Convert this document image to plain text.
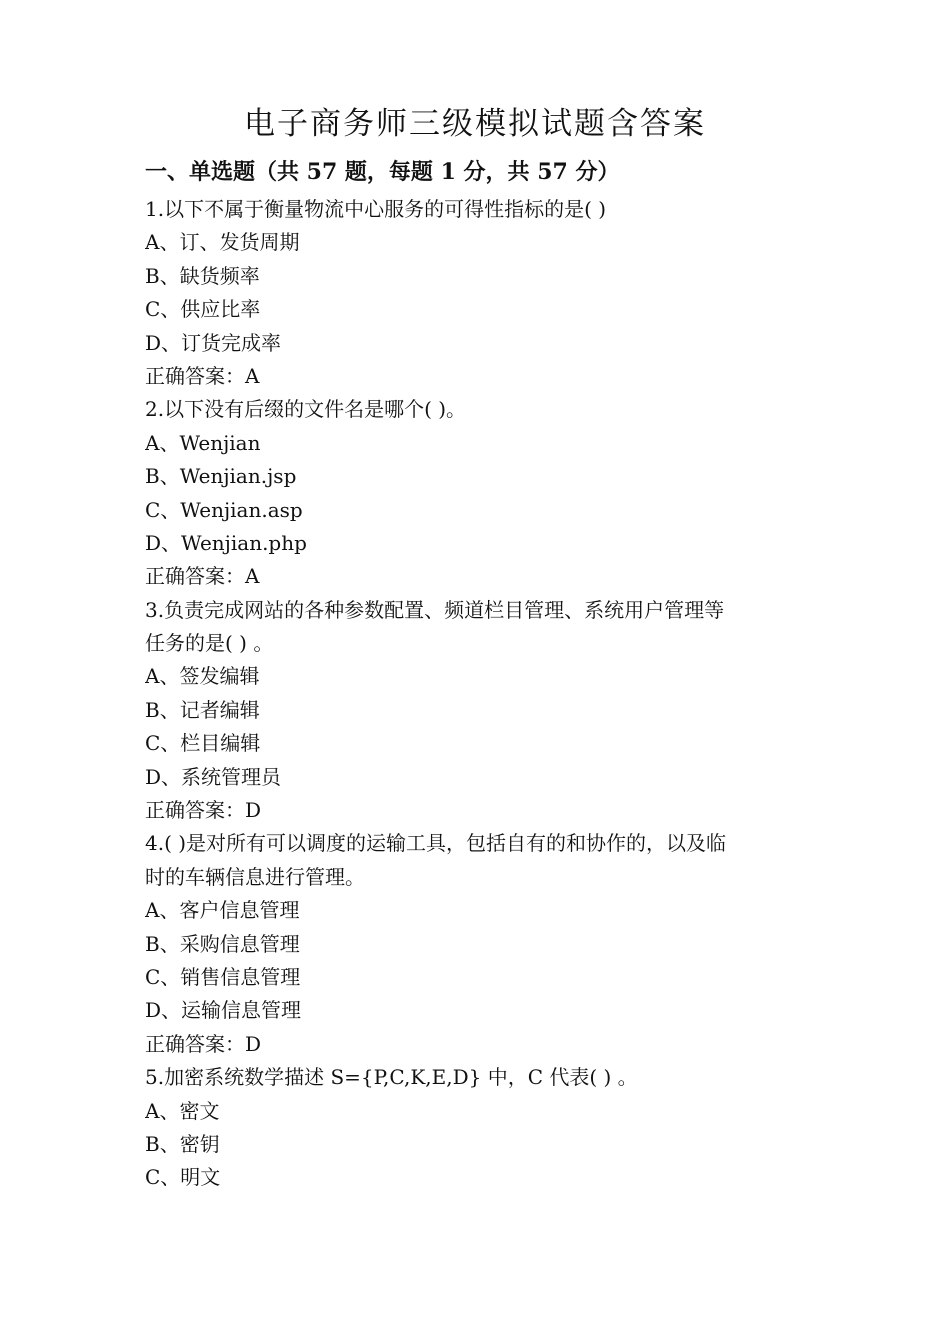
电子商务师三级模拟试题含答案
一、单选题（共 57 题，每题 1 分，共 57 分）
1.以下不属于衡量物流中心服务的可得性指标的是( )
A、订、发货周期
B、缺货频率
C、供应比率
D、订货完成率
正确答案：A
2.以下没有后缀的文件名是哪个( )。
A、Wenjian
B、Wenjian.jsp
C、Wenjian.asp
D、Wenjian.php
正确答案：A
3.负责完成网站的各种参数配置、频道栏目管理、系统用户管理等
任务的是( ) 。
A、签发编辑
B、记者编辑
C、栏目编辑
D、系统管理员
正确答案：D
4.( )是对所有可以调度的运输工具，包括自有的和协作的，以及临
时的车辆信息进行管理。
A、客户信息管理
B、采购信息管理
C、销售信息管理
D、运输信息管理
正确答案：D
5.加密系统数学描述 S={P,C,K,E,D} 中，C 代表( ) 。
A、密文
B、密钥
C、明文
